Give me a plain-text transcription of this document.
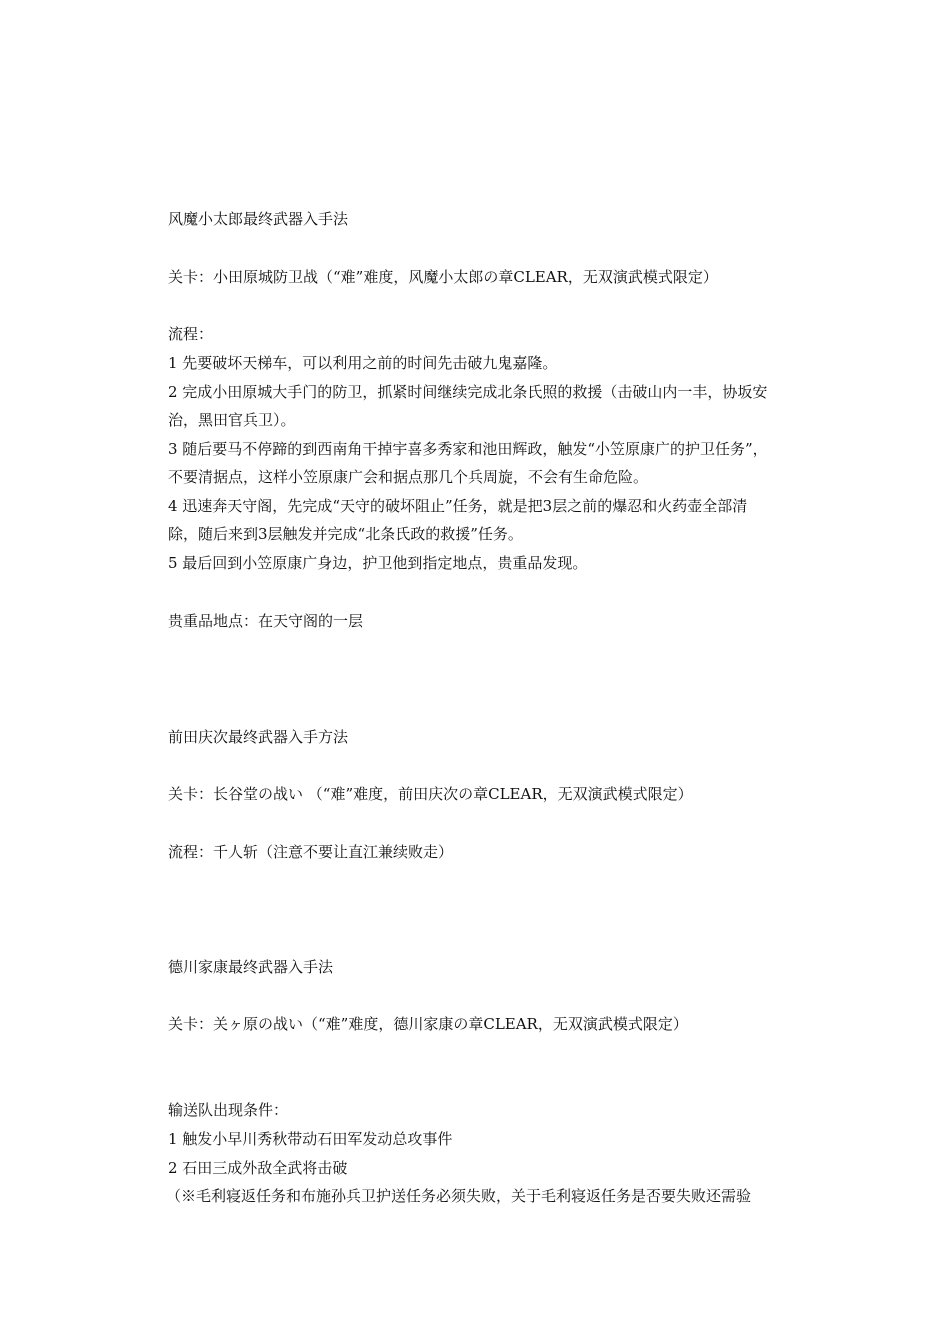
风魔小太郎最终武器入手法
关卡：小田原城防卫战（“难”难度，风魔小太郎の章CLEAR，无双演武模式限定）
流程：
1 先要破坏天梯车，可以利用之前的时间先击破九鬼嘉隆。
2 完成小田原城大手门的防卫，抓紧时间继续完成北条氏照的救援（击破山内一丰，协坂安
治，黑田官兵卫）。
3 随后要马不停蹄的到西南角干掉宇喜多秀家和池田辉政，触发“小笠原康广的护卫任务”，
不要清据点，这样小笠原康广会和据点那几个兵周旋，不会有生命危险。
4 迅速奔天守阁，先完成“天守的破坏阻止”任务，就是把3层之前的爆忍和火药壶全部清
除，随后来到3层触发并完成“北条氏政的救援”任务。
5 最后回到小笠原康广身边，护卫他到指定地点，贵重品发现。
贵重品地点：在天守阁的一层
前田庆次最终武器入手方法
关卡：长谷堂の战い （“难”难度，前田庆次の章CLEAR，无双演武模式限定）
流程：千人斩（注意不要让直江兼续败走）
德川家康最终武器入手法
关卡：关ヶ原の战い（“难”难度，德川家康の章CLEAR，无双演武模式限定）
输送队出现条件：
1 触发小早川秀秋带动石田军发动总攻事件
2 石田三成外敌全武将击破
（※毛利寝返任务和布施孙兵卫护送任务必须失败，关于毛利寝返任务是否要失败还需验
